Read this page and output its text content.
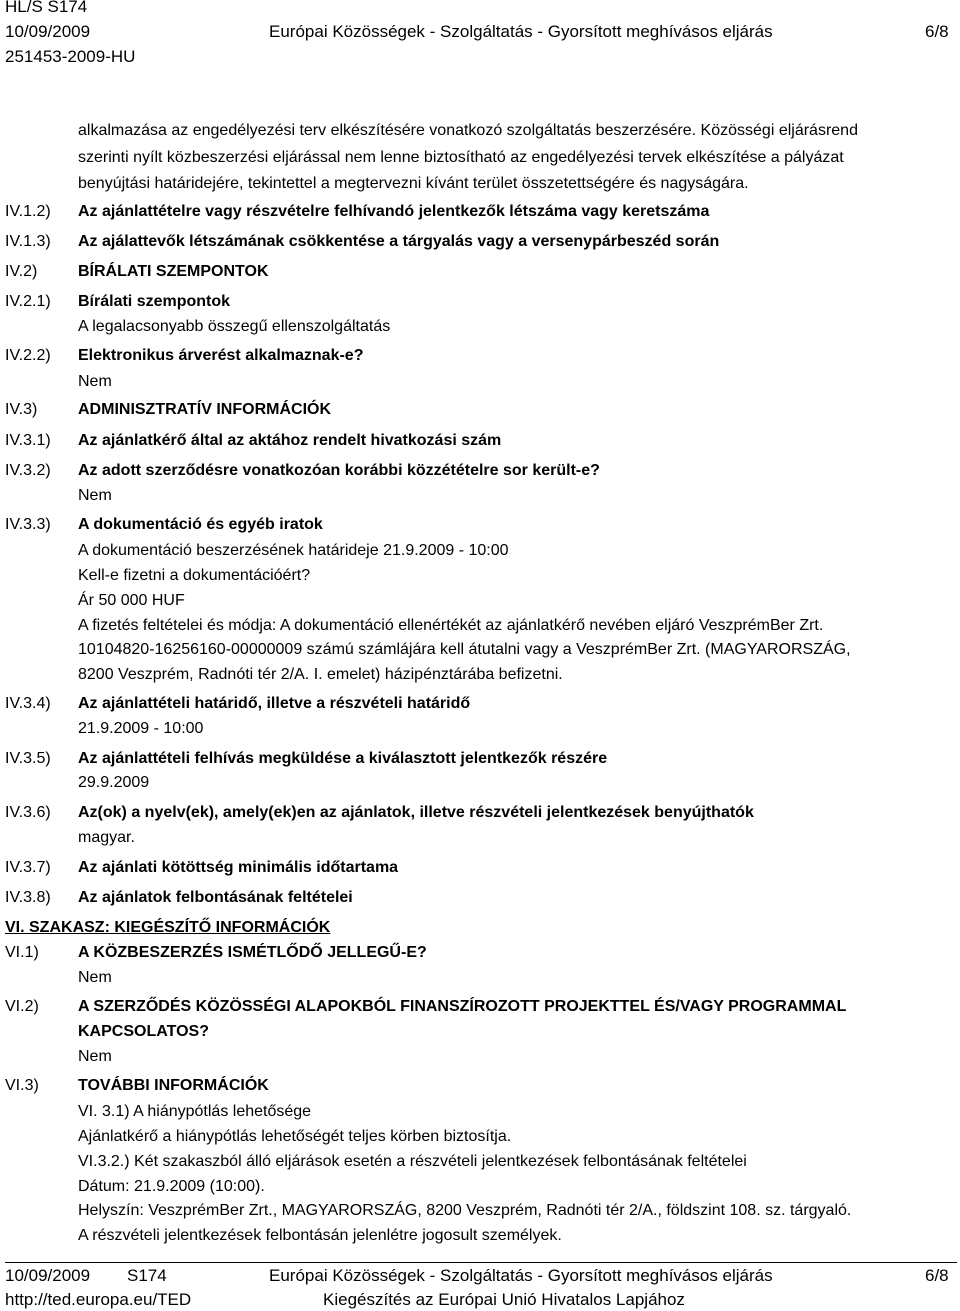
HL/S S174
10/09/2009	Európai Közösségek - Szolgáltatás - Gyorsított meghívásos eljárás	6/8
251453-2009-HU
alkalmazása az engedélyezési terv elkészítésére vonatkozó szolgáltatás beszerzésére. Közösségi eljárásrend
szerinti nyílt közbeszerzési eljárással nem lenne biztosítható az engedélyezési tervek elkészítése a pályázat
benyújtási határidejére, tekintettel a megtervezni kívánt terület összetettségére és nagyságára.
IV.1.2) Az ajánlattételre vagy részvételre felhívandó jelentkezők létszáma vagy keretszáma
IV.1.3) Az ajálattevők létszámának csökkentése a tárgyalás vagy a versenypárbeszéd során
IV.2)	BÍRÁLATI SZEMPONTOK
IV.2.1) Bírálati szempontok
A legalacsonyabb összegű ellenszolgáltatás
IV.2.2) Elektronikus árverést alkalmaznak-e?
Nem
IV.3)	ADMINISZTRATÍV INFORMÁCIÓK
IV.3.1) Az ajánlatkérő által az aktához rendelt hivatkozási szám
IV.3.2) Az adott szerződésre vonatkozóan korábbi közzétételre sor került-e?
Nem
IV.3.3) A dokumentáció és egyéb iratok
A dokumentáció beszerzésének határideje 21.9.2009 - 10:00
Kell-e fizetni a dokumentációért?
Ár 50 000 HUF
A fizetés feltételei és módja: A dokumentáció ellenértékét az ajánlatkérő nevében eljáró VeszprémBer Zrt.
10104820-16256160-00000009 számú számlájára kell átutalni vagy a VeszprémBer Zrt. (MAGYARORSZÁG,
8200 Veszprém, Radnóti tér 2/A. I. emelet) házipénztárába befizetni.
IV.3.4) Az ajánlattételi határidő, illetve a részvételi határidő
21.9.2009 - 10:00
IV.3.5) Az ajánlattételi felhívás megküldése a kiválasztott jelentkezők részére
29.9.2009
IV.3.6) Az(ok) a nyelv(ek), amely(ek)en az ajánlatok, illetve részvételi jelentkezések benyújthatók
magyar.
IV.3.7) Az ajánlati kötöttség minimális időtartama
IV.3.8) Az ajánlatok felbontásának feltételei
VI. SZAKASZ: KIEGÉSZÍTŐ INFORMÁCIÓK
VI.1) A KÖZBESZERZÉS ISMÉTLŐDŐ JELLEGŰ-E?
Nem
VI.2) A SZERZŐDÉS KÖZÖSSÉGI ALAPOKBÓL FINANSZÍROZOTT PROJEKTTEL ÉS/VAGY PROGRAMMAL
KAPCSOLATOS?
Nem
VI.3) TOVÁBBI INFORMÁCIÓK
VI. 3.1) A hiánypótlás lehetősége
Ajánlatkérő a hiánypótlás lehetőségét teljes körben biztosítja.
VI.3.2.) Két szakaszból álló eljárások esetén a részvételi jelentkezések felbontásának feltételei
Dátum: 21.9.2009 (10:00).
Helyszín: VeszprémBer Zrt., MAGYARORSZÁG, 8200 Veszprém, Radnóti tér 2/A., földszint 108. sz. tárgyaló.
A részvételi jelentkezések felbontásán jelenlétre jogosult személyek.
10/09/2009 S174	Európai Közösségek - Szolgáltatás - Gyorsított meghívásos eljárás	6/8
http://ted.europa.eu/TED	Kiegészítés az Európai Unió Hivatalos Lapjához
